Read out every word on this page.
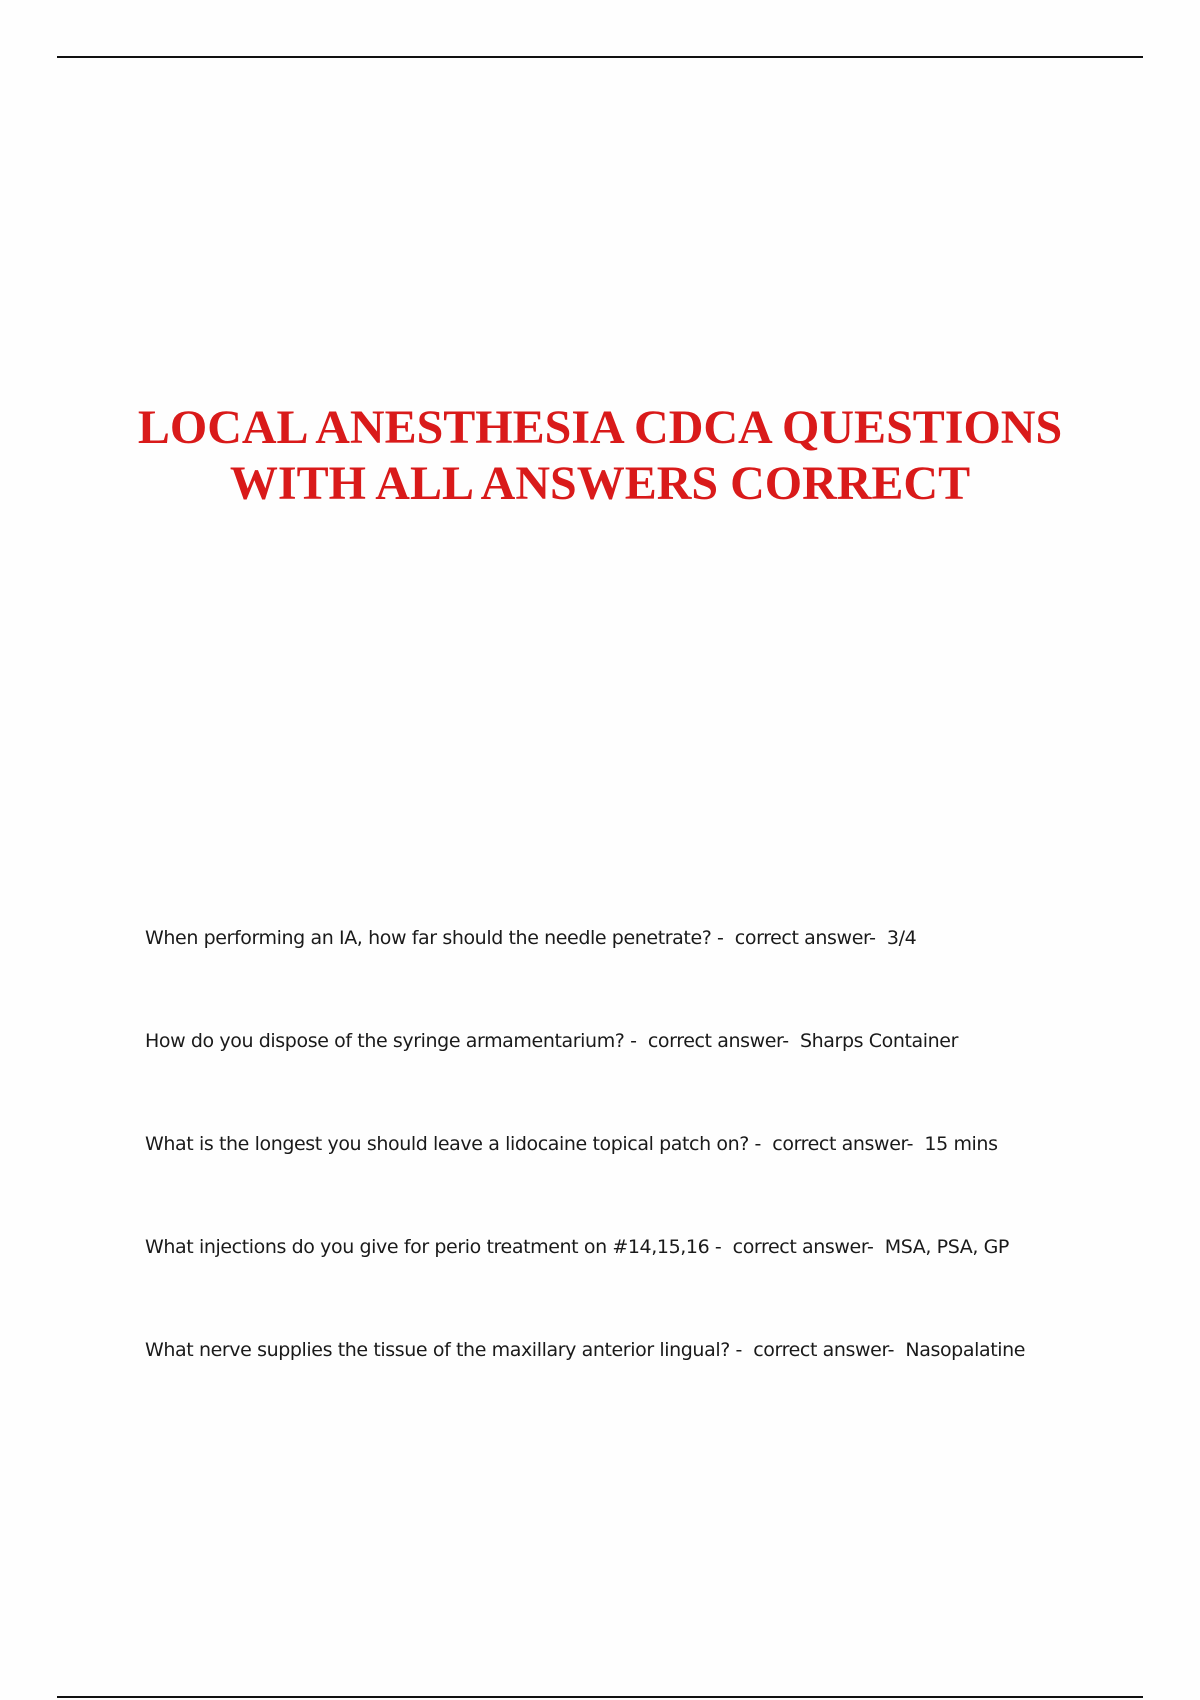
LOCAL ANESTHESIA CDCA QUESTIONS
WITH ALL ANSWERS CORRECT
When performing an IA, how far should the needle penetrate? -  correct answer-  3/4
How do you dispose of the syringe armamentarium? -  correct answer-  Sharps Container
What is the longest you should leave a lidocaine topical patch on? -  correct answer-  15 mins
What injections do you give for perio treatment on #14,15,16 -  correct answer-  MSA, PSA, GP
What nerve supplies the tissue of the maxillary anterior lingual? -  correct answer-  Nasopalatine
